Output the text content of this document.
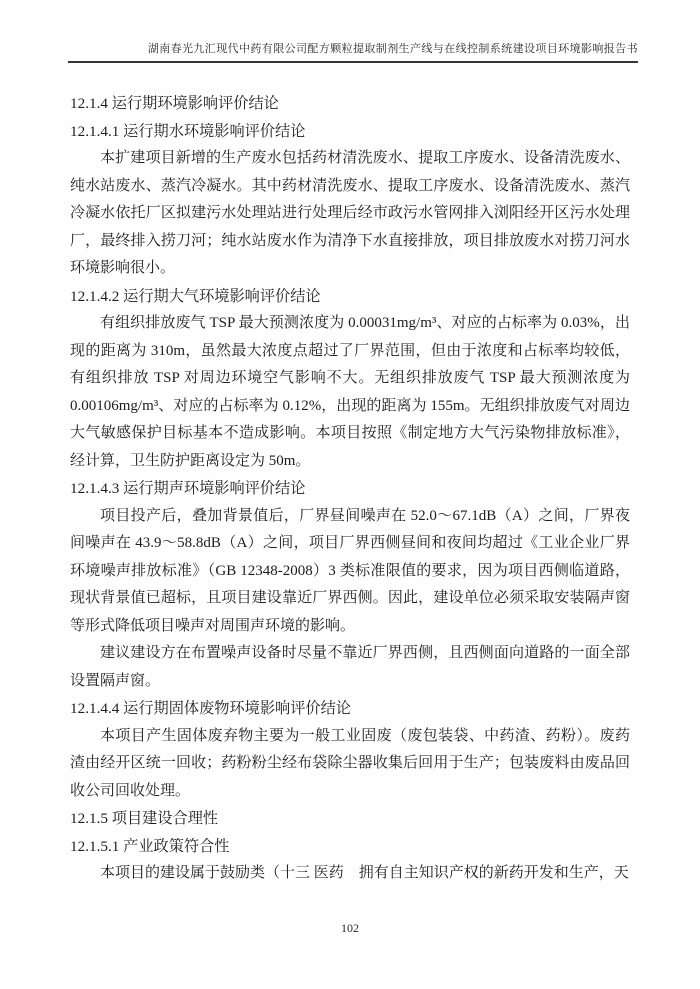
湖南春光九汇现代中药有限公司配方颗粒提取制剂生产线与在线控制系统建设项目环境影响报告书
12.1.4 运行期环境影响评价结论
12.1.4.1 运行期水环境影响评价结论

本扩建项目新增的生产废水包括药材清洗废水、提取工序废水、设备清洗废水、纯水站废水、蒸汽冷凝水。其中药材清洗废水、提取工序废水、设备清洗废水、蒸汽冷凝水依托厂区拟建污水处理站进行处理后经市政污水管网排入浏阳经开区污水处理厂，最终排入捞刀河；纯水站废水作为清净下水直接排放，项目排放废水对捞刀河水环境影响很小。

12.1.4.2 运行期大气环境影响评价结论

有组织排放废气 TSP 最大预测浓度为 0.00031mg/m³、对应的占标率为 0.03%，出现的距离为 310m，虽然最大浓度点超过了厂界范围，但由于浓度和占标率均较低，有组织排放 TSP 对周边环境空气影响不大。无组织排放废气 TSP 最大预测浓度为 0.00106mg/m³、对应的占标率为 0.12%，出现的距离为 155m。无组织排放废气对周边大气敏感保护目标基本不造成影响。本项目按照《制定地方大气污染物排放标准》，经计算，卫生防护距离设定为 50m。

12.1.4.3 运行期声环境影响评价结论

项目投产后，叠加背景值后，厂界昼间噪声在 52.0～67.1dB（A）之间，厂界夜间噪声在 43.9～58.8dB（A）之间，项目厂界西侧昼间和夜间均超过《工业企业厂界环境噪声排放标准》（GB 12348-2008）3 类标准限值的要求，因为项目西侧临道路，现状背景值已超标，且项目建设靠近厂界西侧。因此，建设单位必须采取安装隔声窗等形式降低项目噪声对周围声环境的影响。

建议建设方在布置噪声设备时尽量不靠近厂界西侧，且西侧面向道路的一面全部设置隔声窗。

12.1.4.4 运行期固体废物环境影响评价结论

本项目产生固体废弃物主要为一般工业固废（废包装袋、中药渣、药粉）。废药渣由经开区统一回收；药粉粉尘经布袋除尘器收集后回用于生产；包装废料由废品回收公司回收处理。

12.1.5 项目建设合理性
12.1.5.1 产业政策符合性

本项目的建设属于鼓励类（十三 医药　拥有自主知识产权的新药开发和生产，天

102
